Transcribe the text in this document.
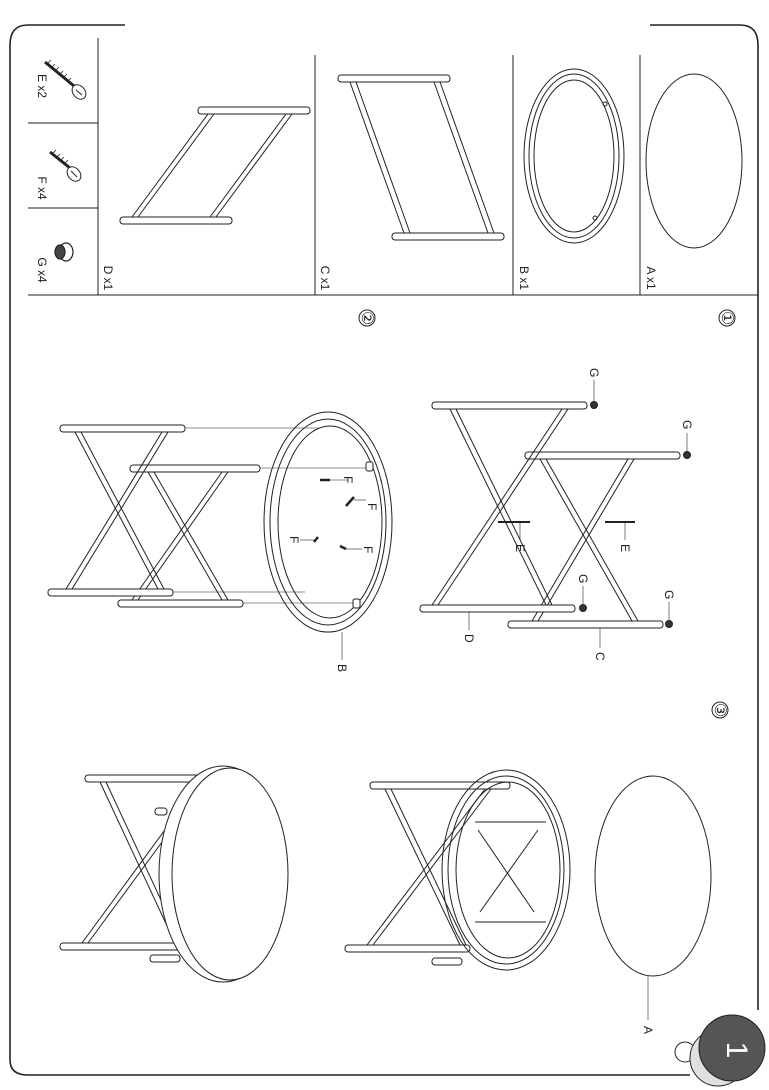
E x2
F x4
G x4	D x1	C x1	B x1	A x1
①
②
③
F
F
F
F
B
G
G
G
G
E	E
D
C
A
1
